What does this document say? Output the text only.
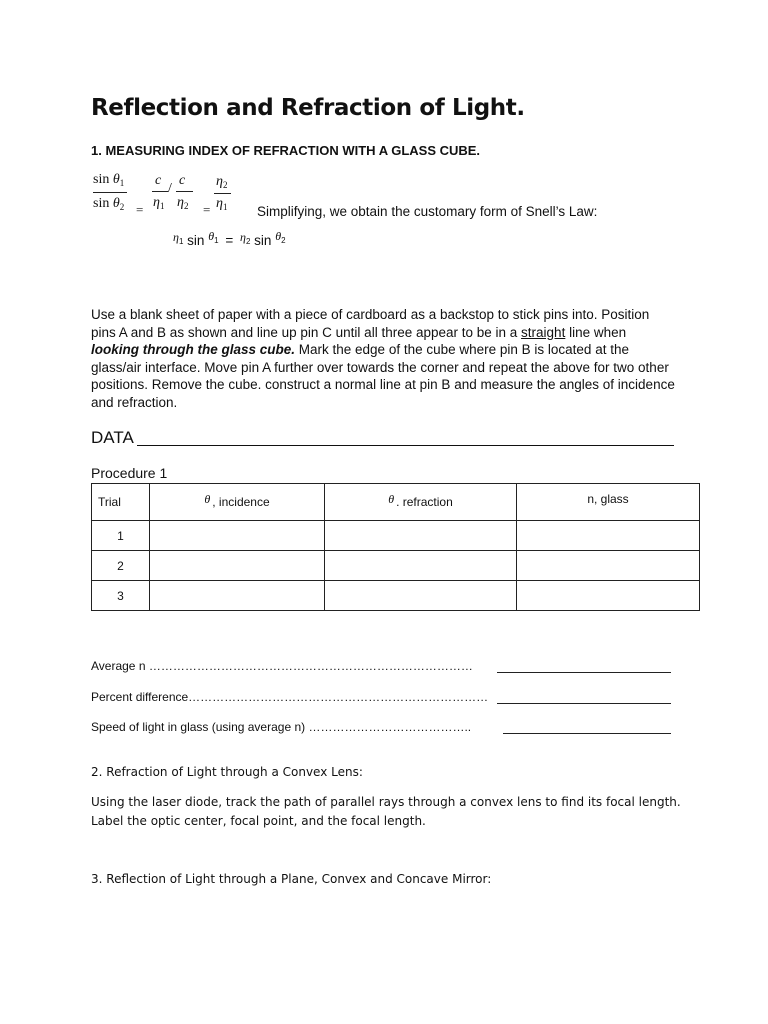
Reflection and Refraction of Light.
1. MEASURING INDEX OF REFRACTION WITH A GLASS CUBE.
$\sin \theta_1$
$\sin \theta_2$ =
c
$\eta_1$
/
c
$\eta_2$ =
$\eta_2$
$\eta_1$ Simplifying, we obtain the customary form of Snell’s Law:
η1 sin θ1 = η2 sin θ2
Use a blank sheet of paper with a piece of cardboard as a backstop to stick pins into. Position pins A and B as shown and line up pin C until all three appear to be in a straight line when looking through the glass cube. Mark the edge of the cube where pin B is located at the glass/air interface. Move pin A further over towards the corner and repeat the above for two other positions. Remove the cube. construct a normal line at pin B and measure the angles of incidence and refraction.
DATA
Procedure 1
Trial	θ , incidence	θ . refraction	n, glass
1			
2			
3			
Average n ………………………………………………………………………
Percent difference…………………………………………………………………
Speed of light in glass (using average n) …………………………………..
2. Refraction of Light through a Convex Lens:
Using the laser diode, track the path of parallel rays through a convex lens to find its focal length. Label the optic center, focal point, and the focal length.
3. Reflection of Light through a Plane, Convex and Concave Mirror:
